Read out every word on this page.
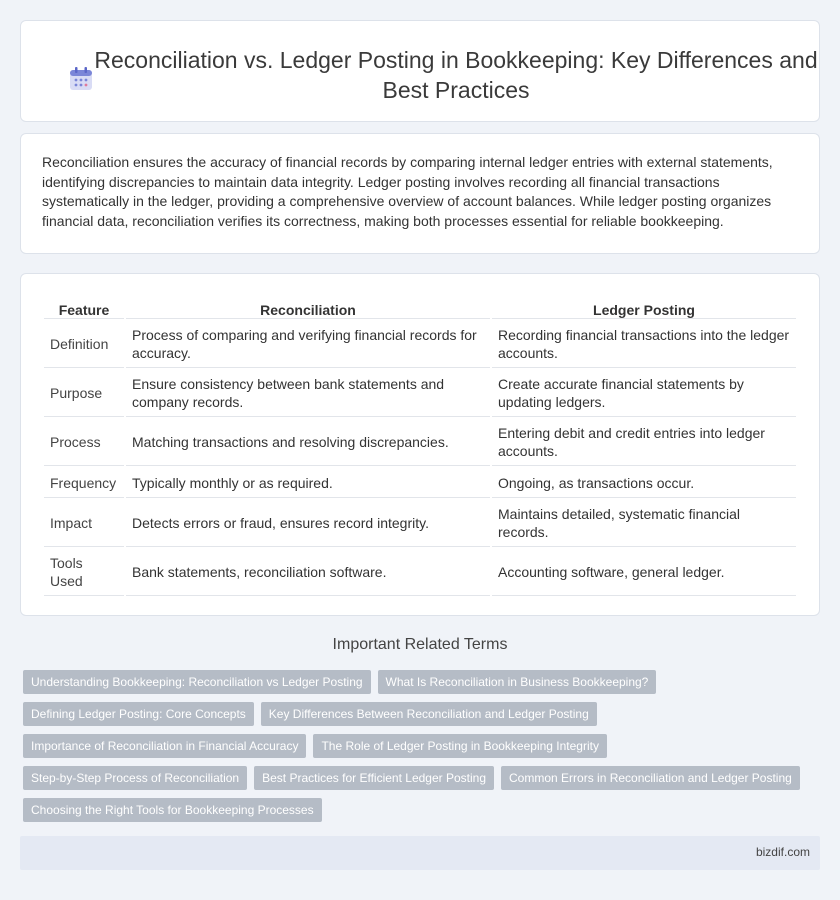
Reconciliation vs. Ledger Posting in Bookkeeping: Key Differences and Best Practices

Reconciliation ensures the accuracy of financial records by comparing internal ledger entries with external statements, identifying discrepancies to maintain data integrity. Ledger posting involves recording all financial transactions systematically in the ledger, providing a comprehensive overview of account balances. While ledger posting organizes financial data, reconciliation verifies its correctness, making both processes essential for reliable bookkeeping.

Feature	Reconciliation	Ledger Posting
Definition	Process of comparing and verifying financial records for accuracy.	Recording financial transactions into the ledger accounts.
Purpose	Ensure consistency between bank statements and company records.	Create accurate financial statements by updating ledgers.
Process	Matching transactions and resolving discrepancies.	Entering debit and credit entries into ledger accounts.
Frequency	Typically monthly or as required.	Ongoing, as transactions occur.
Impact	Detects errors or fraud, ensures record integrity.	Maintains detailed, systematic financial records.
Tools Used	Bank statements, reconciliation software.	Accounting software, general ledger.
Important Related Terms
Understanding Bookkeeping: Reconciliation vs Ledger Posting	What Is Reconciliation in Business Bookkeeping?
Defining Ledger Posting: Core Concepts	Key Differences Between Reconciliation and Ledger Posting
Importance of Reconciliation in Financial Accuracy	The Role of Ledger Posting in Bookkeeping Integrity
Step-by-Step Process of Reconciliation	Best Practices for Efficient Ledger Posting	Common Errors in Reconciliation and Ledger Posting
Choosing the Right Tools for Bookkeeping Processes
bizdif.com
